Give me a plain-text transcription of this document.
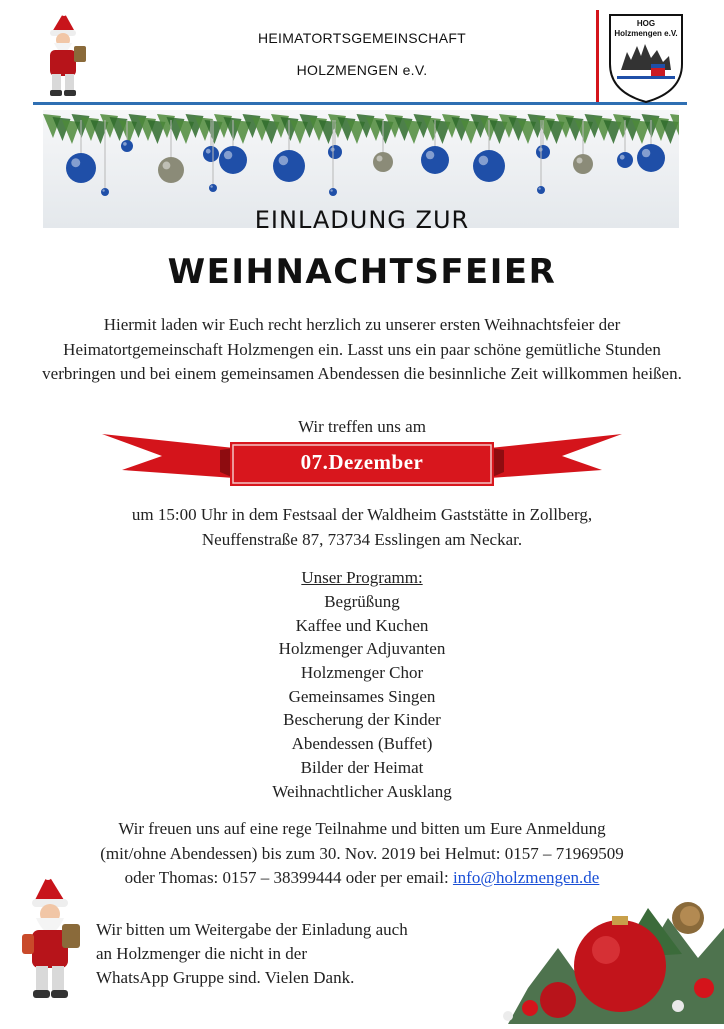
HEIMATORTSGEMEINSCHAFT
HOLZMENGEN e.V.
HOG
Holzmengen e.V.
EINLADUNG ZUR
WEIHNACHTSFEIER
Hiermit laden wir Euch recht herzlich zu unserer ersten Weihnachtsfeier der Heimatortgemeinschaft Holzmengen ein. Lasst uns ein paar schöne gemütliche Stunden verbringen und bei einem gemeinsamen Abendessen die besinnliche Zeit willkommen heißen.
Wir treffen uns am
07.Dezember
um 15:00 Uhr in dem Festsaal der Waldheim Gaststätte in Zollberg,
Neuffenstraße 87, 73734 Esslingen am Neckar.
Unser Programm:
Begrüßung
Kaffee und Kuchen
Holzmenger Adjuvanten
Holzmenger Chor
Gemeinsames Singen
Bescherung der Kinder
Abendessen (Buffet)
Bilder der Heimat
Weihnachtlicher Ausklang
Wir freuen uns auf eine rege Teilnahme und bitten um Eure Anmeldung
(mit/ohne Abendessen) bis zum 30. Nov. 2019 bei Helmut: 0157 – 71969509
oder Thomas: 0157 – 38399444 oder per email: info@holzmengen.de
Wir bitten um Weitergabe der Einladung auch
an Holzmenger die nicht in der
WhatsApp Gruppe sind. Vielen Dank.
